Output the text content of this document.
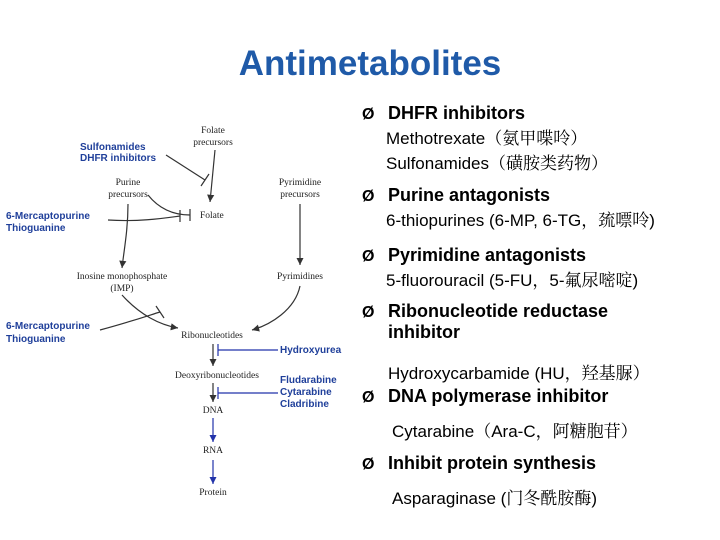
Antimetabolites
Folate
precursors
Sulfonamides
DHFR inhibitors
Purine
precursors
Pyrimidine
precursors
Folate
6-Mercaptopurine
Thioguanine
Inosine monophosphate
(IMP)
Pyrimidines
6-Mercaptopurine
Thioguanine	Ribonucleotides
Hydroxyurea
Deoxyribonucleotides Fludarabine
Cytarabine
Cladribine
DNA
RNA
Protein
Ø DHFR inhibitors
Methotrexate（氨甲喋呤）
Sulfonamides（磺胺类药物）
Ø Purine antagonists
6-thiopurines (6-MP, 6-TG，巯嘌呤)
Ø Pyrimidine antagonists
5-fluorouracil (5-FU，5-氟尿嘧啶)
Ø Ribonucleotide reductase
inhibitor
Hydroxycarbamide (HU，羟基脲）
Ø DNA polymerase inhibitor
Cytarabine（Ara-C，阿糖胞苷）
Ø Inhibit protein synthesis
Asparaginase (门冬酰胺酶)
